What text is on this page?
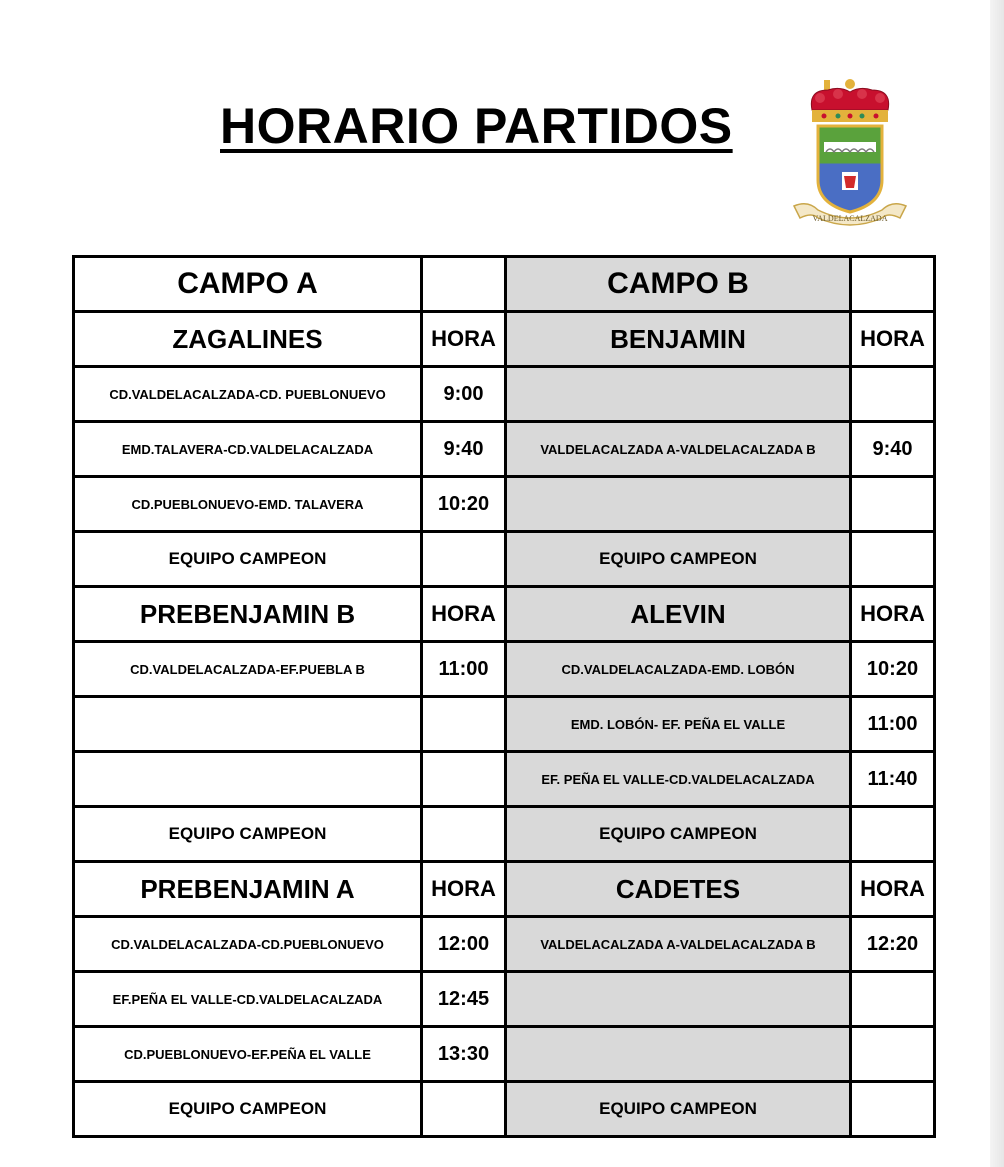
HORARIO PARTIDOS
VALDELACALZADA
CAMPO A		CAMPO B	
ZAGALINES	HORA	BENJAMIN	HORA
CD.VALDELACALZADA-CD. PUEBLONUEVO	9:00		
EMD.TALAVERA-CD.VALDELACALZADA	9:40	VALDELACALZADA A-VALDELACALZADA B	9:40
CD.PUEBLONUEVO-EMD. TALAVERA	10:20		
EQUIPO CAMPEON		EQUIPO CAMPEON	
PREBENJAMIN B	HORA	ALEVIN	HORA
CD.VALDELACALZADA-EF.PUEBLA B	11:00	CD.VALDELACALZADA-EMD. LOBÓN	10:20
		EMD. LOBÓN- EF. PEÑA EL VALLE	11:00
		EF. PEÑA EL VALLE-CD.VALDELACALZADA	11:40
EQUIPO CAMPEON		EQUIPO CAMPEON	
PREBENJAMIN A	HORA	CADETES	HORA
CD.VALDELACALZADA-CD.PUEBLONUEVO	12:00	VALDELACALZADA A-VALDELACALZADA B	12:20
EF.PEÑA EL VALLE-CD.VALDELACALZADA	12:45		
CD.PUEBLONUEVO-EF.PEÑA EL VALLE	13:30		
EQUIPO CAMPEON		EQUIPO CAMPEON	
